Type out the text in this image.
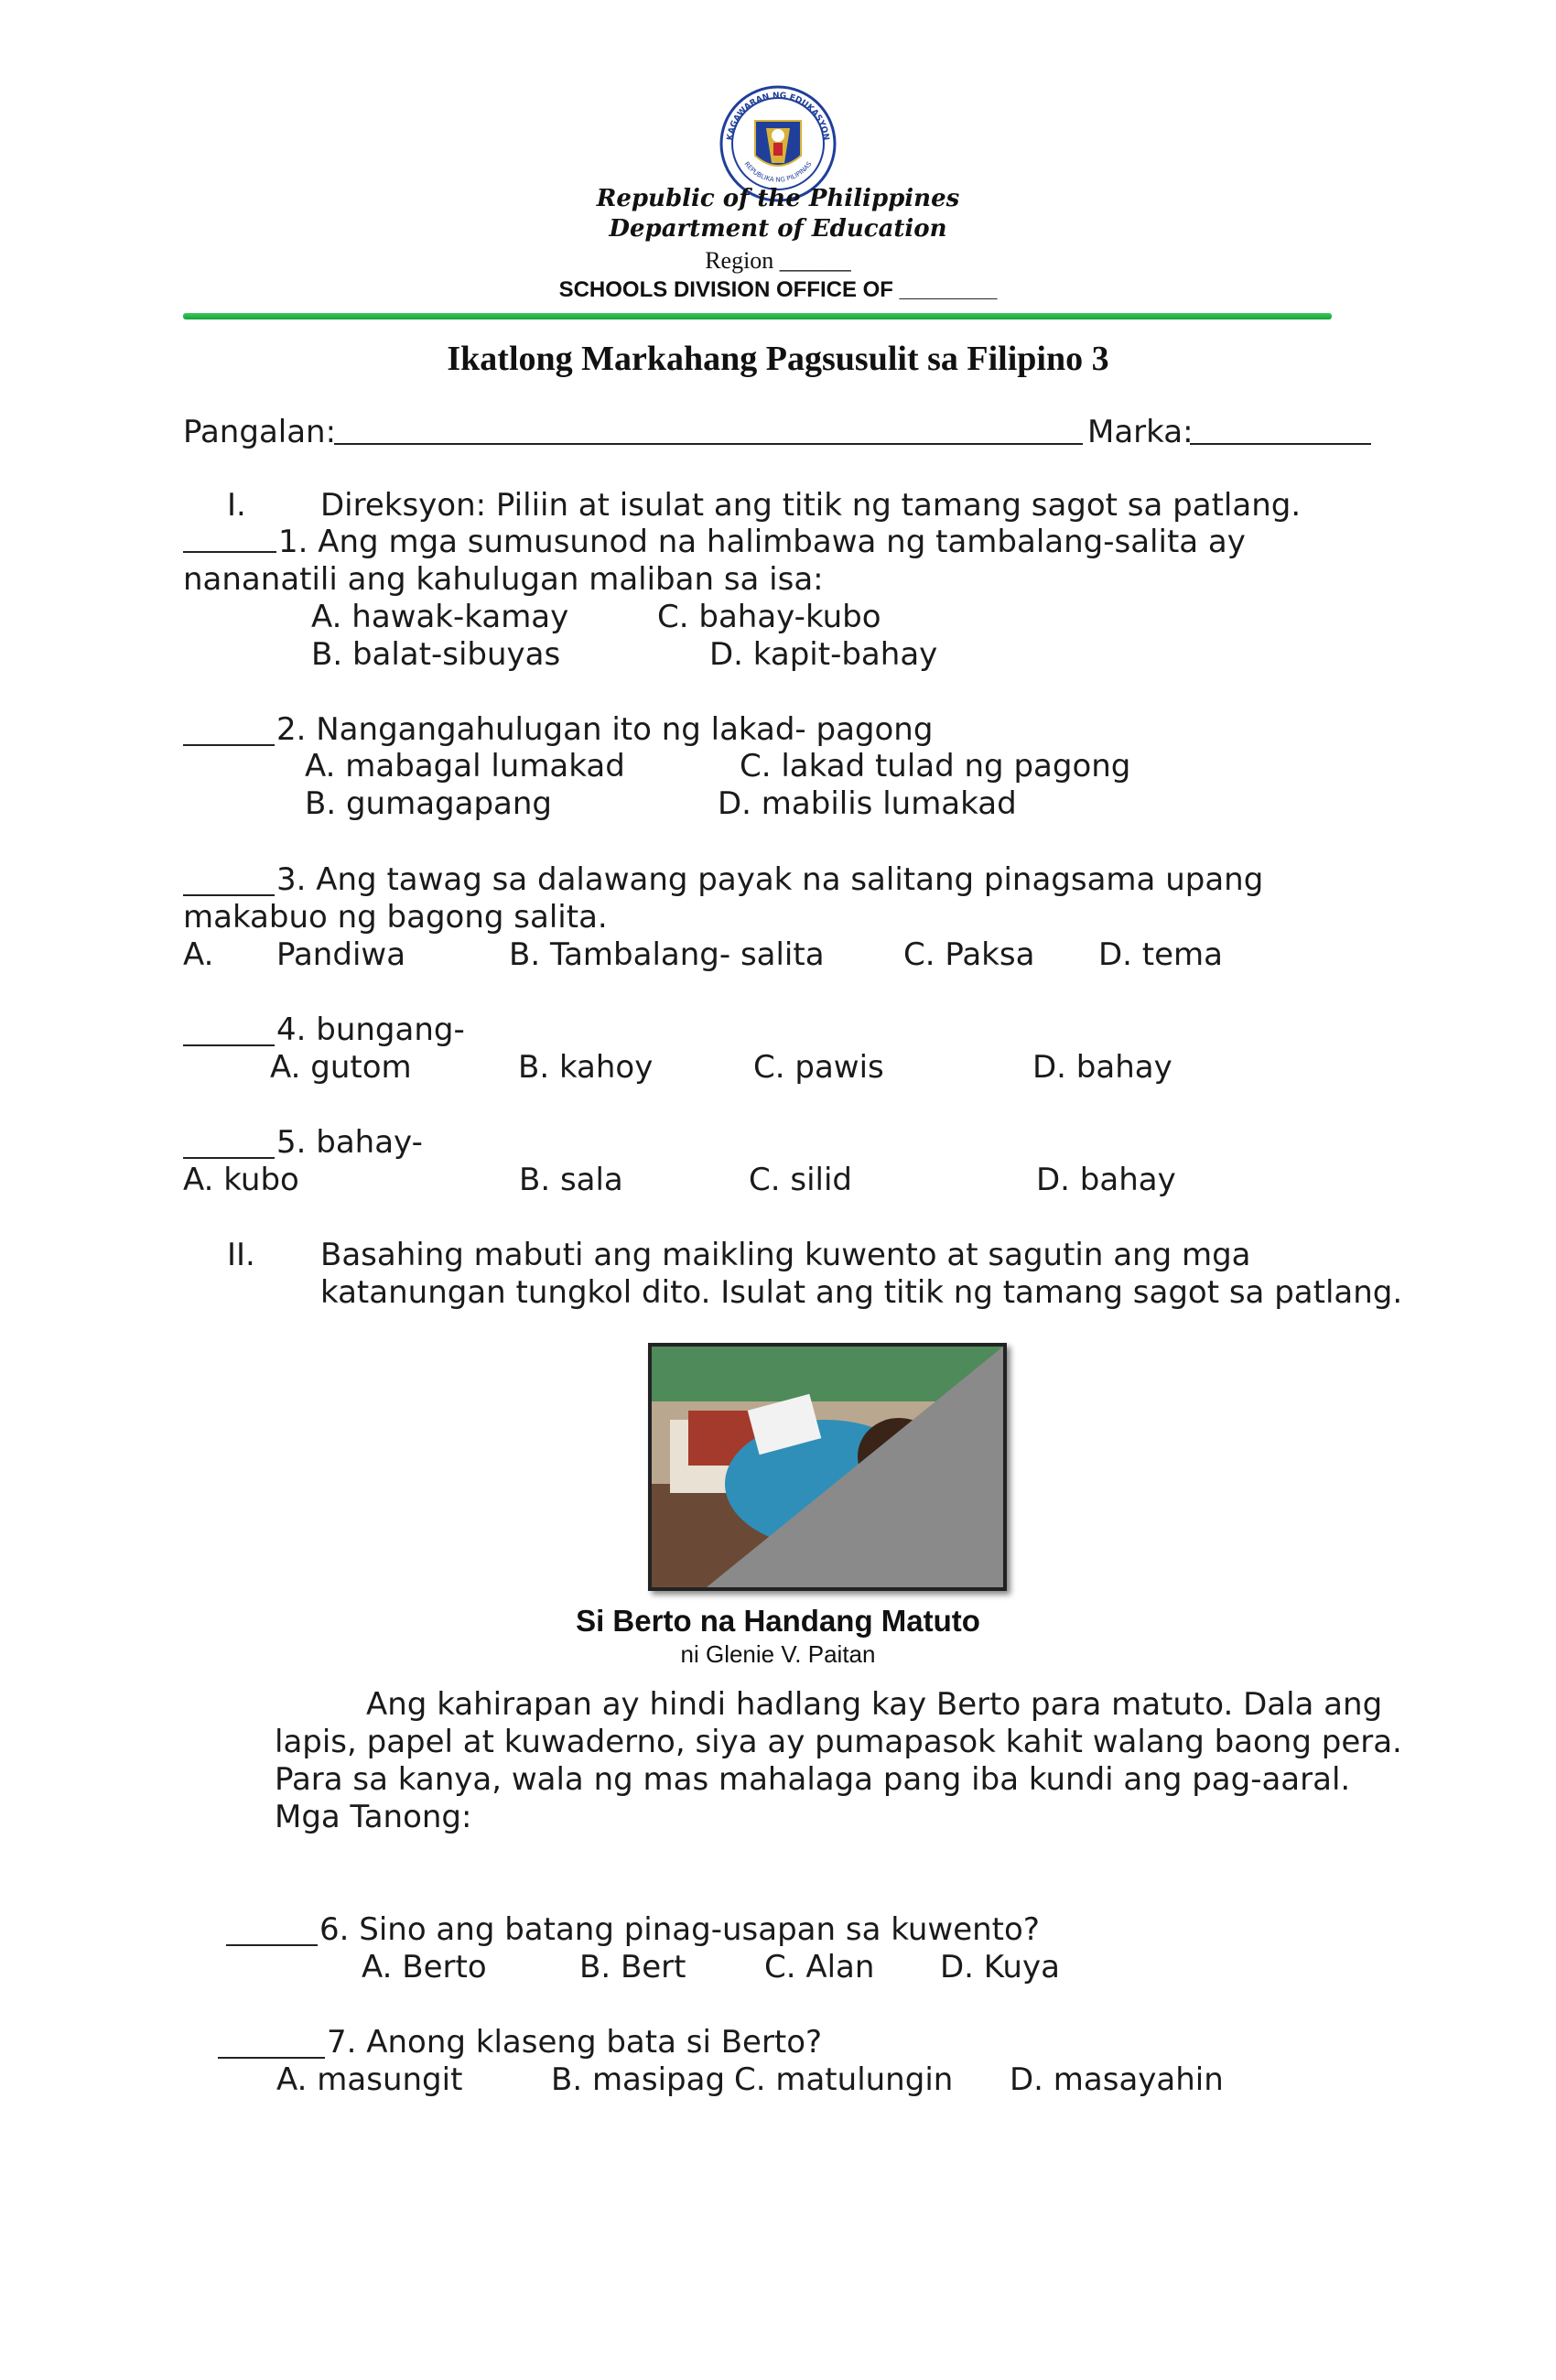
KAGAWARAN NG EDUKASYON
REPUBLIKA NG PILIPINAS
Republic of the Philippines
Department of Education
Region ______
SCHOOLS DIVISION OFFICE OF ________
Ikatlong Markahang Pagsusulit sa Filipino 3
Pangalan:	Marka:
I. Direksyon: Piliin at isulat ang titik ng tamang sagot sa patlang.
1. Ang mga sumusunod na halimbawa ng tambalang-salita ay
nananatili ang kahulugan maliban sa isa:
A. hawak-kamay	C. bahay-kubo
B. balat-sibuyas	D. kapit-bahay
2. Nangangahulugan ito ng lakad- pagong
A. mabagal lumakad	C. lakad tulad ng pagong
B. gumagapang	D. mabilis lumakad
3. Ang tawag sa dalawang payak na salitang pinagsama upang
makabuo ng bagong salita.
A. Pandiwa	B. Tambalang- salita	C. Paksa D. tema
4. bungang-
A. gutom	B. kahoy	C. pawis	D. bahay
5. bahay-
A. kubo	B. sala	C. silid	D. bahay
II. Basahing mabuti ang maikling kuwento at sagutin ang mga
katanungan tungkol dito. Isulat ang titik ng tamang sagot sa patlang.
Si Berto na Handang Matuto
ni Glenie V. Paitan
Ang kahirapan ay hindi hadlang kay Berto para matuto. Dala ang
lapis, papel at kuwaderno, siya ay pumapasok kahit walang baong pera.
Para sa kanya, wala ng mas mahalaga pang iba kundi ang pag-aaral.
Mga Tanong:
6. Sino ang batang pinag-usapan sa kuwento?
A. Berto	B. Bert	C. Alan D. Kuya
7. Anong klaseng bata si Berto?
A. masungit	B. masipag C. matulungin D. masayahin
